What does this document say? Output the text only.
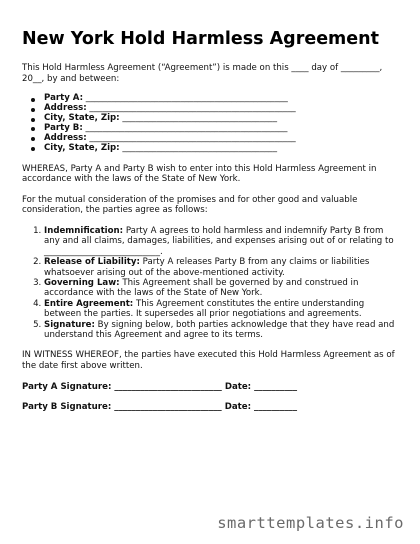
New York Hold Harmless Agreement

This Hold Harmless Agreement (“Agreement”) is made on this ____ day of _________, 20__, by and between:

Party A: _______________________________________________
Address: ________________________________________________
City, State, Zip: ____________________________________
Party B: _______________________________________________
Address: ________________________________________________
City, State, Zip: ____________________________________

WHEREAS, Party A and Party B wish to enter into this Hold Harmless Agreement in accordance with the laws of the State of New York.

For the mutual consideration of the promises and for other good and valuable consideration, the parties agree as follows:

1. Indemnification: Party A agrees to hold harmless and indemnify Party B from any and all claims, damages, liabilities, and expenses arising out of or relating to ___________________________.
2. Release of Liability: Party A releases Party B from any claims or liabilities whatsoever arising out of the above-mentioned activity.
3. Governing Law: This Agreement shall be governed by and construed in accordance with the laws of the State of New York.
4. Entire Agreement: This Agreement constitutes the entire understanding between the parties. It supersedes all prior negotiations and agreements.
5. Signature: By signing below, both parties acknowledge that they have read and understand this Agreement and agree to its terms.

IN WITNESS WHEREOF, the parties have executed this Hold Harmless Agreement as of the date first above written.

Party A Signature: _________________________ Date: __________
Party B Signature: _________________________ Date: __________
smarttemplates.info
